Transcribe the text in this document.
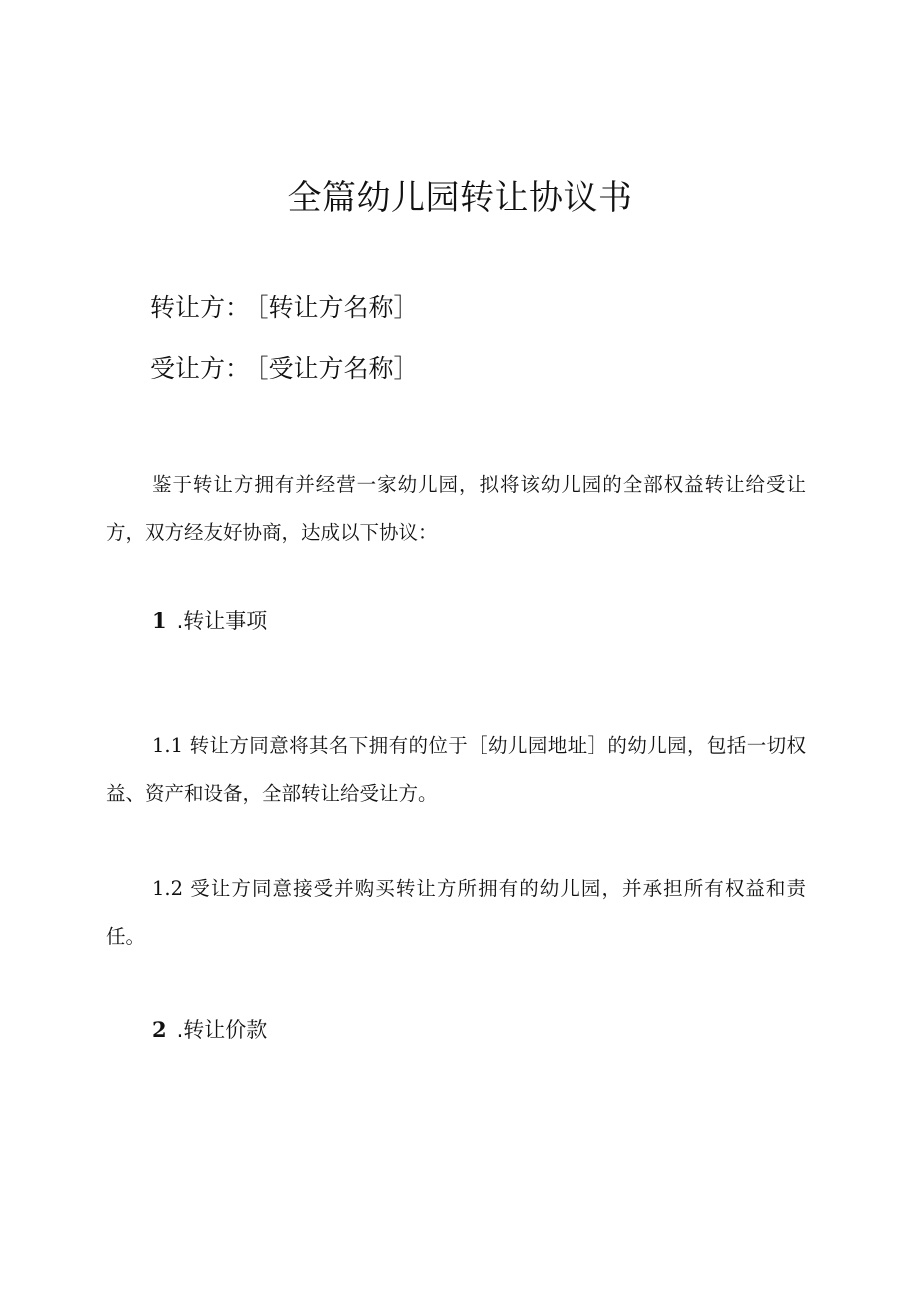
全篇幼儿园转让协议书
转让方： ［转让方名称］
受让方： ［受让方名称］

鉴于转让方拥有并经营一家幼儿园，拟将该幼儿园的全部权益转让给受让方，双方经友好协商，达成以下协议：

1 .转让事项

1.1 转让方同意将其名下拥有的位于［幼儿园地址］的幼儿园，包括一切权益、资产和设备，全部转让给受让方。

1.2 受让方同意接受并购买转让方所拥有的幼儿园，并承担所有权益和责任。

2 .转让价款
